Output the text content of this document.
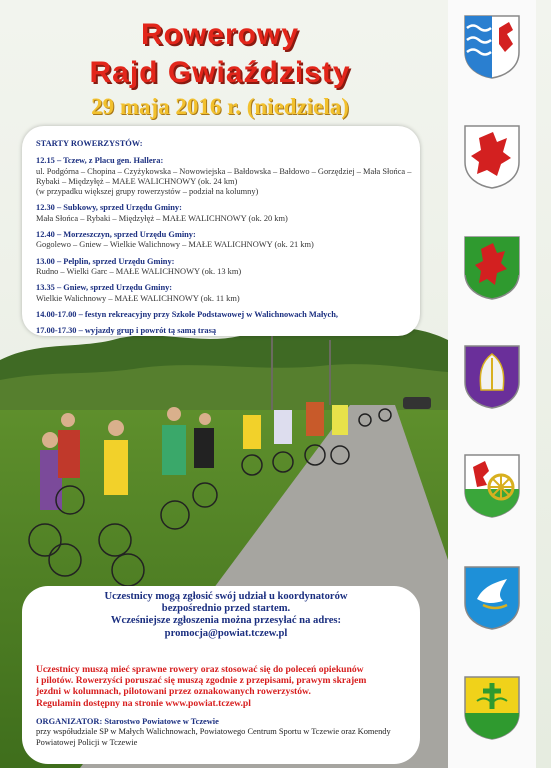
Rowerowy
Rajd Gwiaździsty
29 maja 2016 r. (niedziela)
STARTY ROWERZYSTÓW:
12.15 – Tczew, z Placu gen. Hallera:
ul. Podgórna – Chopina – Czyżykowska – Nowowiejska – Bałdowska – Bałdowo – Gorzędziej – Mała Słońca – Rybaki – Międzyłęż – MAŁE WALICHNOWY (ok. 24 km)
(w przypadku większej grupy rowerzystów – podział na kolumny)
12.30 – Subkowy, sprzed Urzędu Gminy:
Mała Słońca – Rybaki – Międzyłęż – MAŁE WALICHNOWY (ok. 20 km)
12.40 – Morzeszczyn, sprzed Urzędu Gminy:
Gogolewo – Gniew – Wielkie Walichnowy – MAŁE WALICHNOWY (ok. 21 km)
13.00 – Pelplin, sprzed Urzędu Gminy:
Rudno – Wielki Garc – MAŁE WALICHNOWY (ok. 13 km)
13.35 – Gniew, sprzed Urzędu Gminy:
Wielkie Walichnowy – MAŁE WALICHNOWY (ok. 11 km)
14.00-17.00 – festyn rekreacyjny przy Szkole Podstawowej w Walichnowach Małych,
17.00-17.30 – wyjazdy grup i powrót tą samą trasą
Uczestnicy mogą zgłosić swój udział u koordynatorów
bezpośrednio przed startem.
Wcześniejsze zgłoszenia można przesyłać na adres:
promocja@powiat.tczew.pl
Uczestnicy muszą mieć sprawne rowery oraz stosować się do poleceń opiekunów
i pilotów. Rowerzyści poruszać się muszą zgodnie z przepisami, prawym skrajem
jezdni w kolumnach, pilotowani przez oznakowanych rowerzystów.
Regulamin dostępny na stronie www.powiat.tczew.pl
ORGANIZATOR: Starostwo Powiatowe w Tczewie
przy współudziale SP w Małych Walichnowach, Powiatowego Centrum Sportu w Tczewie oraz Komendy
Powiatowej Policji w Tczewie
